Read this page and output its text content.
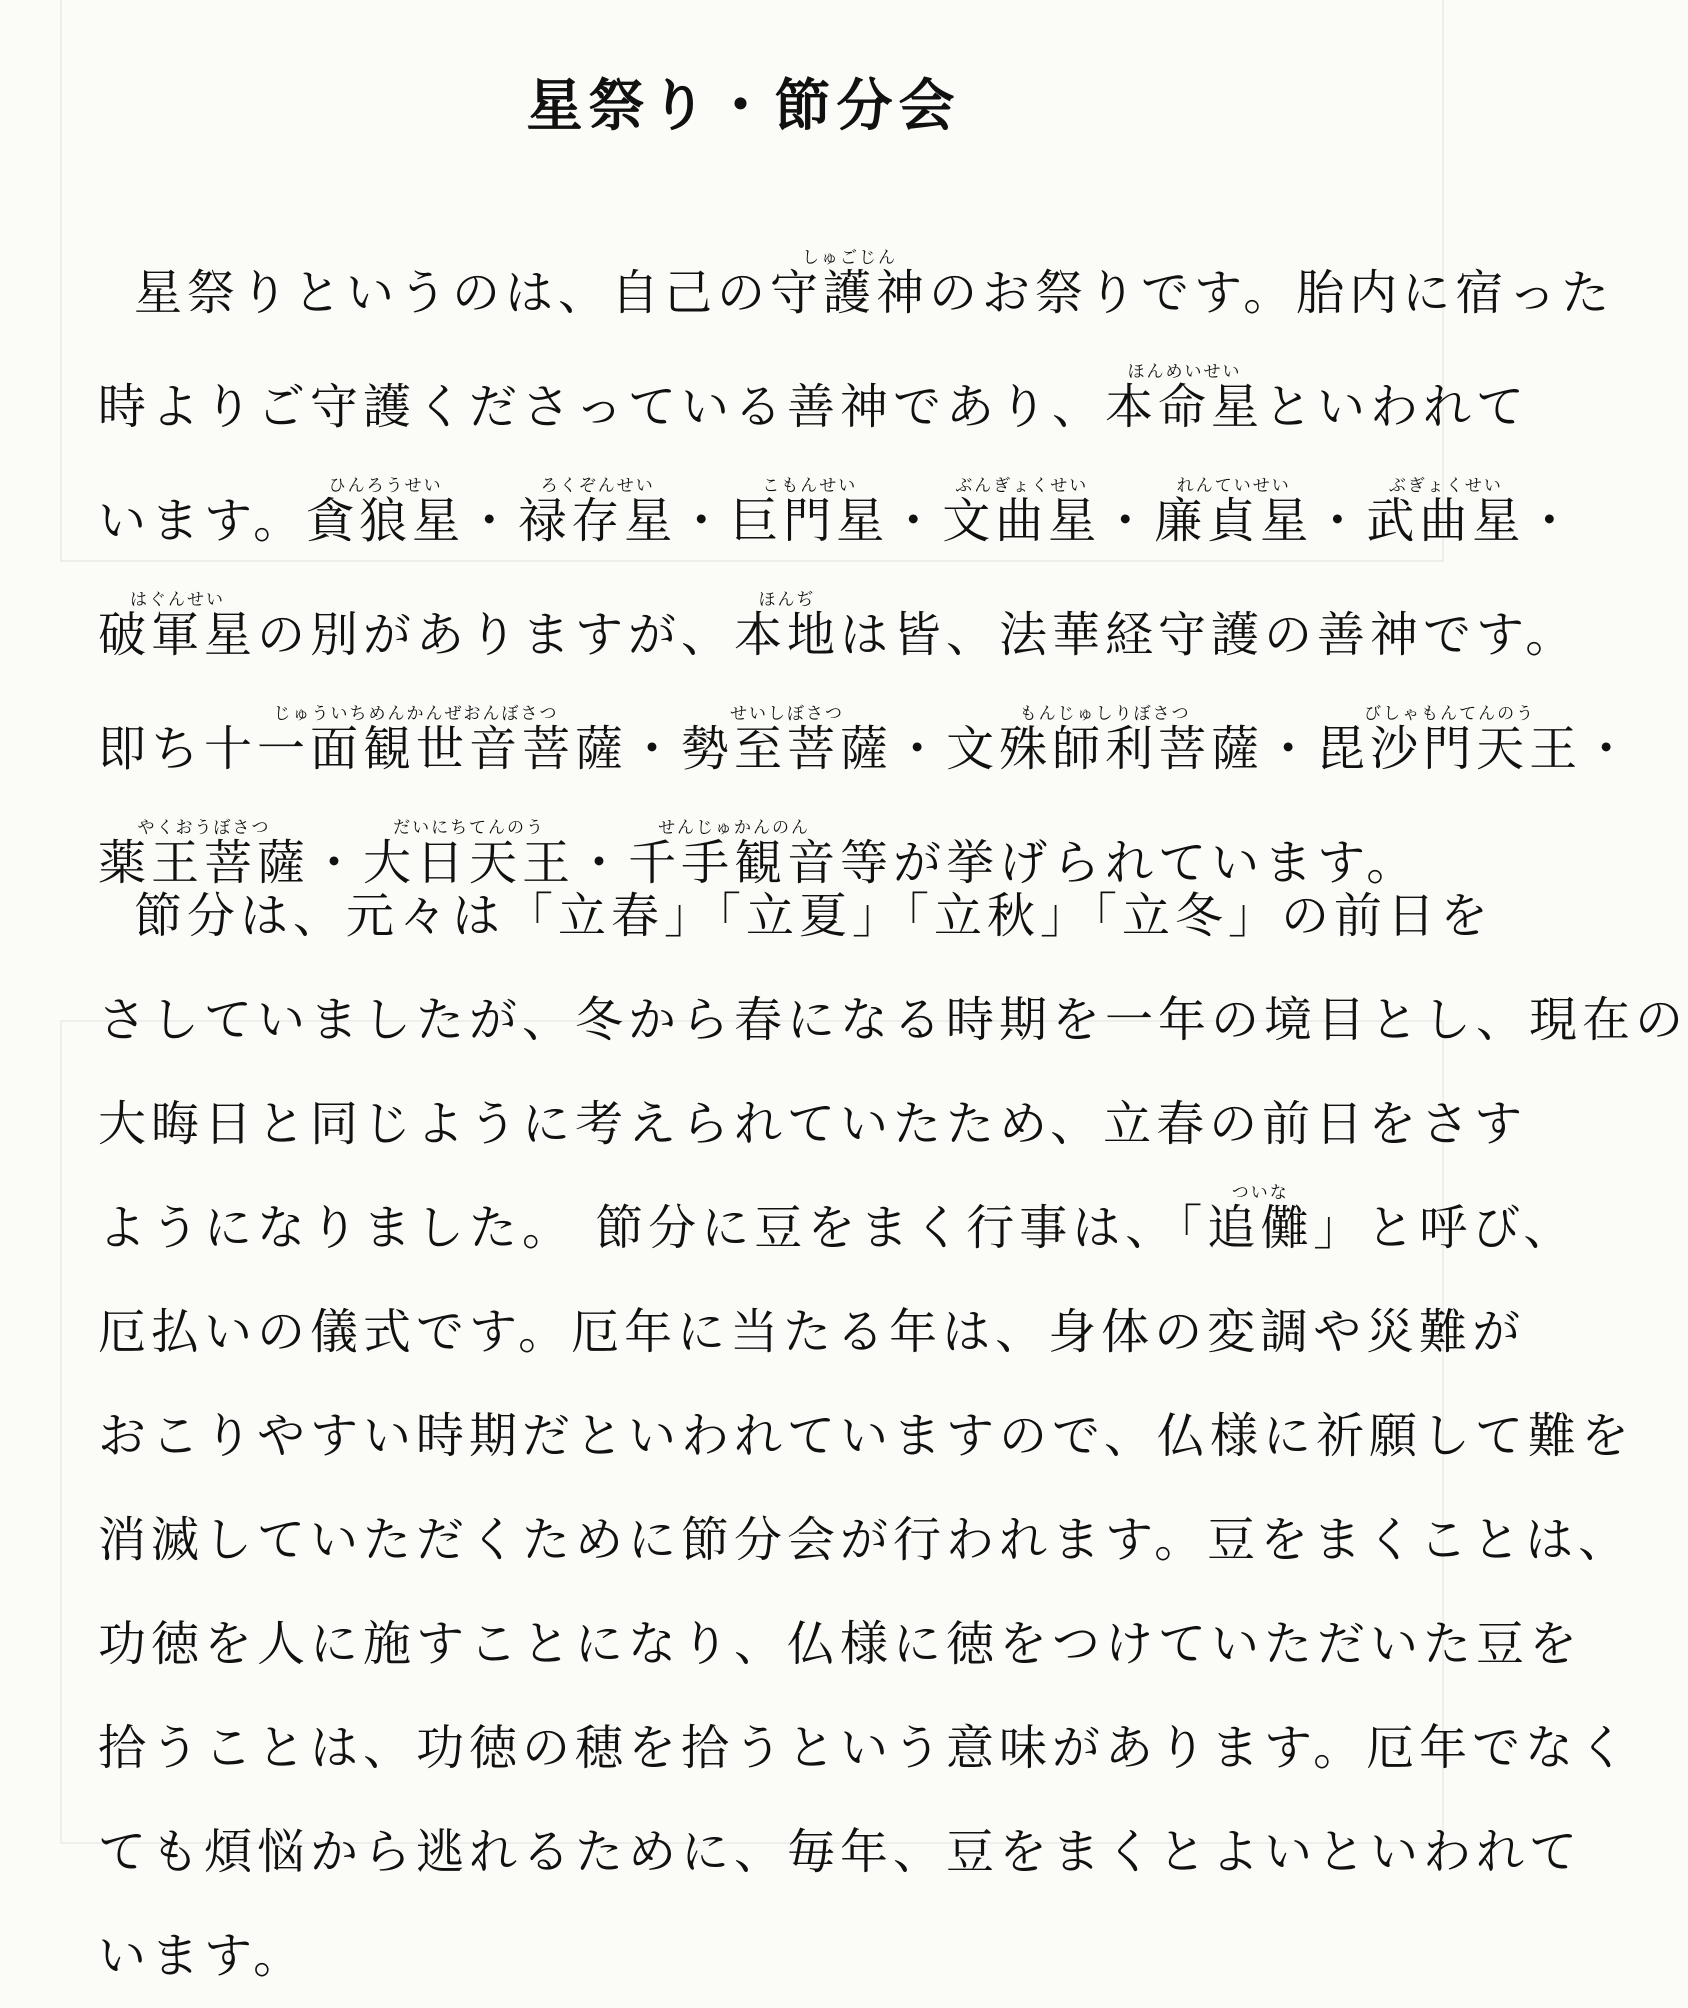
星祭り・節分会
星祭りというのは、自己の守護神しゅごじんのお祭りです。胎内に宿った
時よりご守護くださっている善神であり、本命星ほんめいせいといわれて
います。貪狼星ひんろうせい・禄存星ろくぞんせい・巨門星こもんせい・文曲星ぶんぎょくせい・廉貞星れんていせい・武曲星ぶぎょくせい・
破軍星はぐんせいの別がありますが、本地ほんぢは皆、法華経守護の善神です。
即ち十一面観世音菩薩じゅういちめんかんぜおんぼさつ・勢至菩薩せいしぼさつ・文殊師利菩薩もんじゅしりぼさつ・毘沙門天王びしゃもんてんのう・
薬王菩薩やくおうぼさつ・大日天王だいにちてんのう・千手観音せんじゅかんのん等が挙げられています。
節分は、元々は「立春」「立夏」「立秋」「立冬」の前日を
さしていましたが、冬から春になる時期を一年の境目とし、現在の
大晦日と同じように考えられていたため、立春の前日をさす
ようになりました。 節分に豆をまく行事は、「追儺ついな」と呼び、
厄払いの儀式です。厄年に当たる年は、身体の変調や災難が
おこりやすい時期だといわれていますので、仏様に祈願して難を
消滅していただくために節分会が行われます。豆をまくことは、
功徳を人に施すことになり、仏様に徳をつけていただいた豆を
拾うことは、功徳の穂を拾うという意味があります。厄年でなく
ても煩悩から逃れるために、毎年、豆をまくとよいといわれて
います。
